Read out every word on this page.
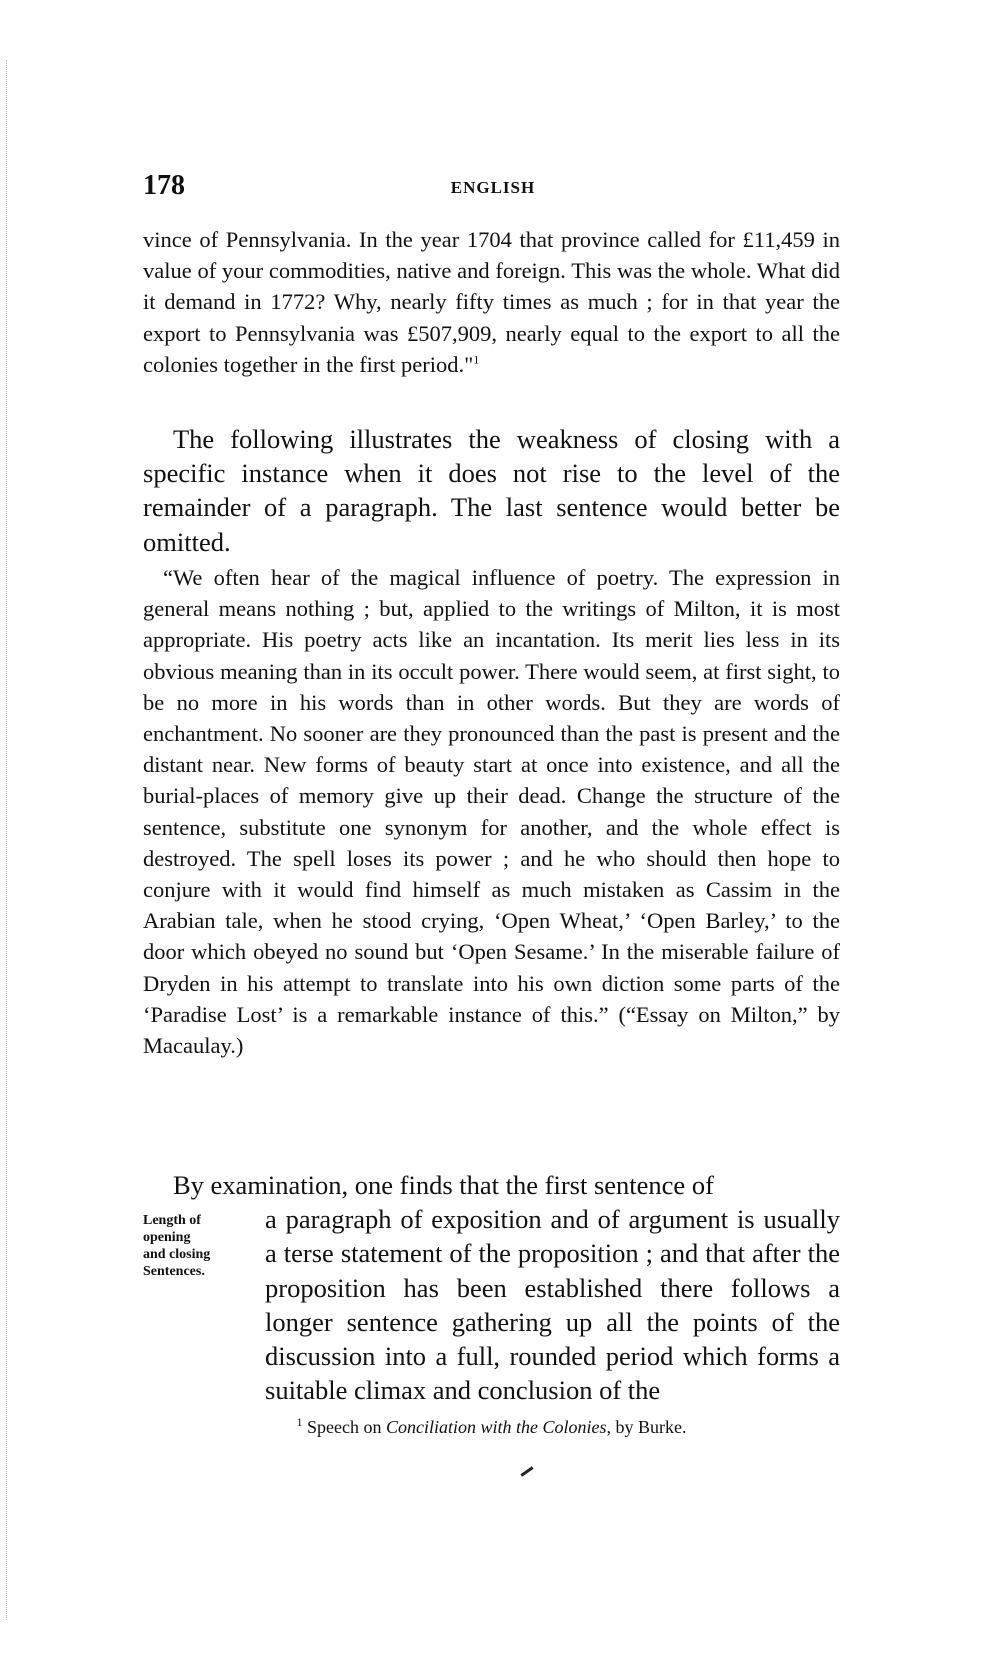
178	ENGLISH
vince of Pennsylvania. In the year 1704 that province called for £11,459 in value of your commodities, native and foreign. This was the whole. What did it demand in 1772? Why, nearly fifty times as much ; for in that year the export to Pennsylvania was £507,909, nearly equal to the export to all the colonies together in the first period."$^1$
The following illustrates the weakness of closing with a specific instance when it does not rise to the level of the remainder of a paragraph. The last sentence would better be omitted.
“We often hear of the magical influence of poetry. The expression in general means nothing ; but, applied to the writings of Milton, it is most appropriate. His poetry acts like an incantation. Its merit lies less in its obvious meaning than in its occult power. There would seem, at first sight, to be no more in his words than in other words. But they are words of enchantment. No sooner are they pronounced than the past is present and the distant near. New forms of beauty start at once into existence, and all the burial-places of memory give up their dead. Change the structure of the sentence, substitute one synonym for another, and the whole effect is destroyed. The spell loses its power ; and he who should then hope to conjure with it would find himself as much mistaken as Cassim in the Arabian tale, when he stood crying, ‘Open Wheat,’ ‘Open Barley,’ to the door which obeyed no sound but ‘Open Sesame.’ In the miserable failure of Dryden in his attempt to translate into his own diction some parts of the ‘Paradise Lost’ is a remarkable instance of this.” (“Essay on Milton,” by Macaulay.)
By examination, one finds that the first sentence of
a paragraph of exposition and of argument is usually a terse statement of the proposition ; and that after the proposition has been established there follows a longer sentence gathering up all the points of the discussion into a full, rounded period which forms a suitable climax and conclusion of the
Length of
opening
and closing
Sentences.
$^1$ Speech on Conciliation with the Colonies, by Burke.
